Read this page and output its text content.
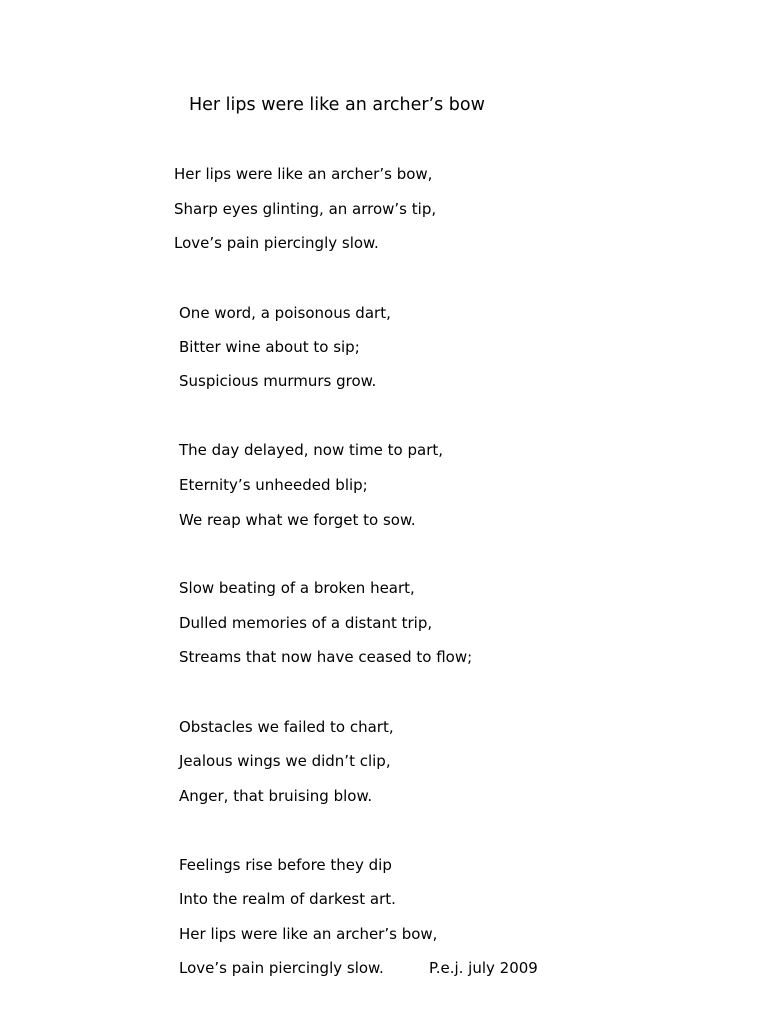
Her lips were like an archer’s bow
Her lips were like an archer’s bow,
Sharp eyes glinting, an arrow’s tip,
Love’s pain piercingly slow.
One word, a poisonous dart,
Bitter wine about to sip;
Suspicious murmurs grow.
The day delayed, now time to part,
Eternity’s unheeded blip;
We reap what we forget to sow.
Slow beating of a broken heart,
Dulled memories of a distant trip,
Streams that now have ceased to flow;
Obstacles we failed to chart,
Jealous wings we didn’t clip,
Anger, that bruising blow.
Feelings rise before they dip
Into the realm of darkest art.
Her lips were like an archer’s bow,
Love’s pain piercingly slow.	P.e.j. july 2009
